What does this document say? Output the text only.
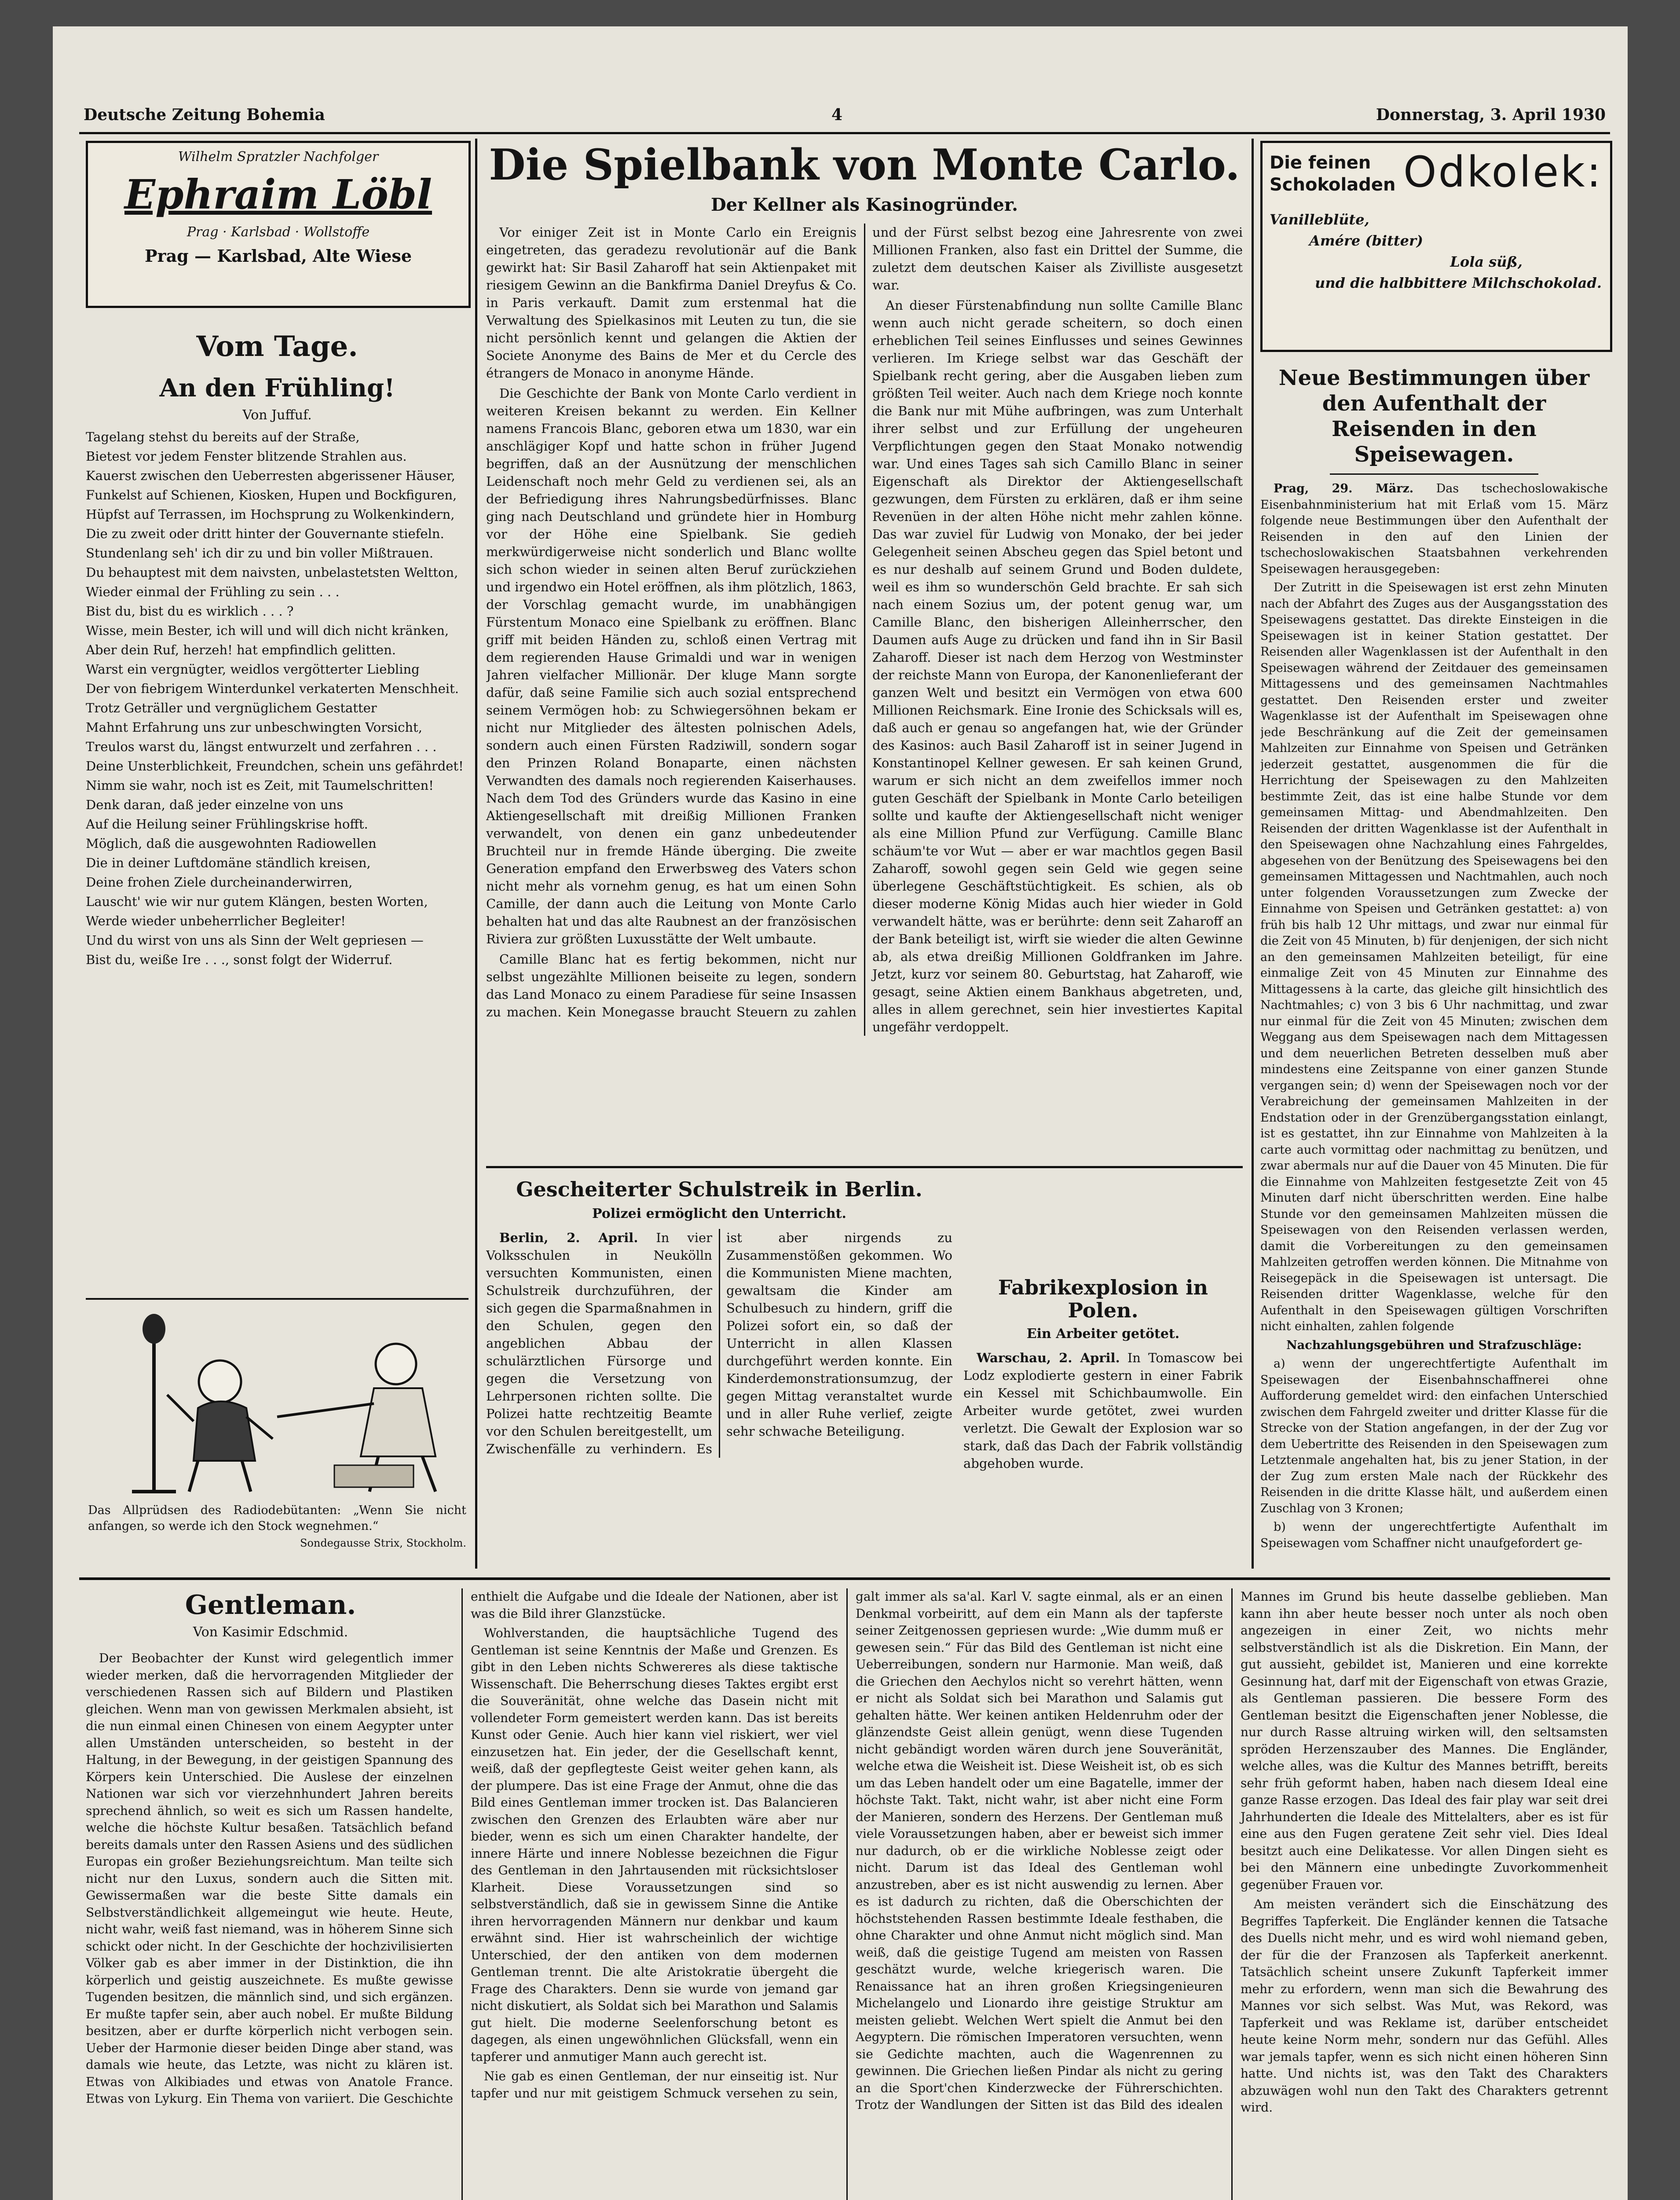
Deutsche Zeitung Bohemia	4	Donnerstag, 3. April 1930
Wilhelm Spratzler Nachfolger
Ephraim Löbl
Prag · Karlsbad · Wollstoffe
Prag — Karlsbad, Alte Wiese
Vom Tage.
An den Frühling!
Von Juffuf.

Tagelang stehst du bereits auf der Straße,

Bietest vor jedem Fenster blitzende Strahlen aus.

Kauerst zwischen den Ueberresten abgerissener Häuser,

Funkelst auf Schienen, Kiosken, Hupen und Bockfiguren,

Hüpfst auf Terrassen, im Hochsprung zu Wolkenkindern,

Die zu zweit oder dritt hinter der Gouvernante stiefeln.

Stundenlang seh' ich dir zu und bin voller Mißtrauen.

Du behauptest mit dem naivsten, unbelastetsten Weltton,

Wieder einmal der Frühling zu sein . . .

Bist du, bist du es wirklich . . . ?

Wisse, mein Bester, ich will und will dich nicht kränken,

Aber dein Ruf, herzeh! hat empfindlich gelitten.

Warst ein vergnügter, weidlos vergötterter Liebling

Der von fiebrigem Winterdunkel verkaterten Menschheit.

Trotz Geträller und vergnüglichem Gestatter

Mahnt Erfahrung uns zur unbeschwingten Vorsicht,

Treulos warst du, längst entwurzelt und zerfahren . . .

Deine Unsterblichkeit, Freundchen, schein uns gefährdet!

Nimm sie wahr, noch ist es Zeit, mit Taumelschritten!

Denk daran, daß jeder einzelne von uns

Auf die Heilung seiner Frühlingskrise hofft.

Möglich, daß die ausgewohnten Radiowellen

Die in deiner Luftdomäne ständlich kreisen,

Deine frohen Ziele durcheinanderwirren,

Lauscht' wie wir nur gutem Klängen, besten Worten,

Werde wieder unbeherrlicher Begleiter!

Und du wirst von uns als Sinn der Welt gepriesen —

Bist du, weiße Ire . . ., sonst folgt der Widerruf.

Das Allprüdsen des Radiodebütanten: „Wenn Sie nicht anfangen, so werde ich den Stock wegnehmen.“
Sondegausse Strix, Stockholm.
Die Spielbank von Monte Carlo.
Der Kellner als Kasinogründer.

Vor einiger Zeit ist in Monte Carlo ein Ereignis eingetreten, das geradezu revolutionär auf die Bank gewirkt hat: Sir Basil Zaharoff hat sein Aktienpaket mit riesigem Gewinn an die Bankfirma Daniel Dreyfus & Co. in Paris verkauft. Damit zum erstenmal hat die Verwaltung des Spielkasinos mit Leuten zu tun, die sie nicht persönlich kennt und gelangen die Aktien der Societe Anonyme des Bains de Mer et du Cercle des étrangers de Monaco in anonyme Hände.

Die Geschichte der Bank von Monte Carlo verdient in weiteren Kreisen bekannt zu werden. Ein Kellner namens Francois Blanc, geboren etwa um 1830, war ein anschlägiger Kopf und hatte schon in früher Jugend begriffen, daß an der Ausnützung der menschlichen Leidenschaft noch mehr Geld zu verdienen sei, als an der Befriedigung ihres Nahrungsbedürfnisses. Blanc ging nach Deutschland und gründete hier in Homburg vor der Höhe eine Spielbank. Sie gedieh merkwürdigerweise nicht sonderlich und Blanc wollte sich schon wieder in seinen alten Beruf zurückziehen und irgendwo ein Hotel eröffnen, als ihm plötzlich, 1863, der Vorschlag gemacht wurde, im unabhängigen Fürstentum Monaco eine Spielbank zu eröffnen. Blanc griff mit beiden Händen zu, schloß einen Vertrag mit dem regierenden Hause Grimaldi und war in wenigen Jahren vielfacher Millionär. Der kluge Mann sorgte dafür, daß seine Familie sich auch sozial entsprechend seinem Vermögen hob: zu Schwiegersöhnen bekam er nicht nur Mitglieder des ältesten polnischen Adels, sondern auch einen Fürsten Radziwill, sondern sogar den Prinzen Roland Bonaparte, einen nächsten Verwandten des damals noch regierenden Kaiserhauses. Nach dem Tod des Gründers wurde das Kasino in eine Aktiengesellschaft mit dreißig Millionen Franken verwandelt, von denen ein ganz unbedeutender Bruchteil nur in fremde Hände überging. Die zweite Generation empfand den Erwerbsweg des Vaters schon nicht mehr als vornehm genug, es hat um einen Sohn Camille, der dann auch die Leitung von Monte Carlo behalten hat und das alte Raubnest an der französischen Riviera zur größten Luxusstätte der Welt umbaute.

Camille Blanc hat es fertig bekommen, nicht nur selbst ungezählte Millionen beiseite zu legen, sondern das Land Monaco zu einem Paradiese für seine Insassen zu machen. Kein Monegasse braucht Steuern zu zahlen und der Fürst selbst bezog eine Jahresrente von zwei Millionen Franken, also fast ein Drittel der Summe, die zuletzt dem deutschen Kaiser als Zivilliste ausgesetzt war.

An dieser Fürstenabfindung nun sollte Camille Blanc wenn auch nicht gerade scheitern, so doch einen erheblichen Teil seines Einflusses und seines Gewinnes verlieren. Im Kriege selbst war das Geschäft der Spielbank recht gering, aber die Ausgaben lieben zum größten Teil weiter. Auch nach dem Kriege noch konnte die Bank nur mit Mühe aufbringen, was zum Unterhalt ihrer selbst und zur Erfüllung der ungeheuren Verpflichtungen gegen den Staat Monako notwendig war. Und eines Tages sah sich Camillo Blanc in seiner Eigenschaft als Direktor der Aktiengesellschaft gezwungen, dem Fürsten zu erklären, daß er ihm seine Revenüen in der alten Höhe nicht mehr zahlen könne. Das war zuviel für Ludwig von Monako, der bei jeder Gelegenheit seinen Abscheu gegen das Spiel betont und es nur deshalb auf seinem Grund und Boden duldete, weil es ihm so wunderschön Geld brachte. Er sah sich nach einem Sozius um, der potent genug war, um Camille Blanc, den bisherigen Alleinherrscher, den Daumen aufs Auge zu drücken und fand ihn in Sir Basil Zaharoff. Dieser ist nach dem Herzog von Westminster der reichste Mann von Europa, der Kanonenlieferant der ganzen Welt und besitzt ein Vermögen von etwa 600 Millionen Reichsmark. Eine Ironie des Schicksals will es, daß auch er genau so angefangen hat, wie der Gründer des Kasinos: auch Basil Zaharoff ist in seiner Jugend in Konstantinopel Kellner gewesen. Er sah keinen Grund, warum er sich nicht an dem zweifellos immer noch guten Geschäft der Spielbank in Monte Carlo beteiligen sollte und kaufte der Aktiengesellschaft nicht weniger als eine Million Pfund zur Verfügung. Camille Blanc schäum'te vor Wut — aber er war machtlos gegen Basil Zaharoff, sowohl gegen sein Geld wie gegen seine überlegene Geschäftstüchtigkeit. Es schien, als ob dieser moderne König Midas auch hier wieder in Gold verwandelt hätte, was er berührte: denn seit Zaharoff an der Bank beteiligt ist, wirft sie wieder die alten Gewinne ab, als etwa dreißig Millionen Goldfranken im Jahre. Jetzt, kurz vor seinem 80. Geburtstag, hat Zaharoff, wie gesagt, seine Aktien einem Bankhaus abgetreten, und, alles in allem gerechnet, sein hier investiertes Kapital ungefähr verdoppelt.

Gescheiterter Schulstreik in Berlin.
Polizei ermöglicht den Unterricht.

Berlin, 2. April. In vier Volksschulen in Neukölln versuchten Kommunisten, einen Schulstreik durchzuführen, der sich gegen die Sparmaßnahmen in den Schulen, gegen den angeblichen Abbau der schulärztlichen Fürsorge und gegen die Versetzung von Lehrpersonen richten sollte. Die Polizei hatte rechtzeitig Beamte vor den Schulen bereitgestellt, um Zwischenfälle zu verhindern. Es ist aber nirgends zu Zusammenstößen gekommen. Wo die Kommunisten Miene machten, gewaltsam die Kinder am Schulbesuch zu hindern, griff die Polizei sofort ein, so daß der Unterricht in allen Klassen durchgeführt werden konnte. Ein Kinderdemonstrationsumzug, der gegen Mittag veranstaltet wurde und in aller Ruhe verlief, zeigte sehr schwache Beteiligung.

Fabrikexplosion in Polen.
Ein Arbeiter getötet.

Warschau, 2. April. In Tomascow bei Lodz explodierte gestern in einer Fabrik ein Kessel mit Schichbaumwolle. Ein Arbeiter wurde getötet, zwei wurden verletzt. Die Gewalt der Explosion war so stark, daß das Dach der Fabrik vollständig abgehoben wurde.

Die feinen
Schokoladen Odkolek:
Vanilleblüte,
Amére (bitter)
Lola süß,
und die halbbittere Milchschokolad.
Neue Bestimmungen über den Aufenthalt der Reisenden in den Speisewagen.

Prag, 29. März. Das tschechoslowakische Eisenbahnministerium hat mit Erlaß vom 15. März folgende neue Bestimmungen über den Aufenthalt der Reisenden in den auf den Linien der tschechoslowakischen Staatsbahnen verkehrenden Speisewagen herausgegeben:

Der Zutritt in die Speisewagen ist erst zehn Minuten nach der Abfahrt des Zuges aus der Ausgangsstation des Speisewagens gestattet. Das direkte Einsteigen in die Speisewagen ist in keiner Station gestattet. Der Reisenden aller Wagenklassen ist der Aufenthalt in den Speisewagen während der Zeitdauer des gemeinsamen Mittagessens und des gemeinsamen Nachtmahles gestattet. Den Reisenden erster und zweiter Wagenklasse ist der Aufenthalt im Speisewagen ohne jede Beschränkung auf die Zeit der gemeinsamen Mahlzeiten zur Einnahme von Speisen und Getränken jederzeit gestattet, ausgenommen die für die Herrichtung der Speisewagen zu den Mahlzeiten bestimmte Zeit, das ist eine halbe Stunde vor dem gemeinsamen Mittag- und Abendmahlzeiten. Den Reisenden der dritten Wagenklasse ist der Aufenthalt in den Speisewagen ohne Nachzahlung eines Fahrgeldes, abgesehen von der Benützung des Speisewagens bei den gemeinsamen Mittagessen und Nachtmahlen, auch noch unter folgenden Voraussetzungen zum Zwecke der Einnahme von Speisen und Getränken gestattet: a) von früh bis halb 12 Uhr mittags, und zwar nur einmal für die Zeit von 45 Minuten, b) für denjenigen, der sich nicht an den gemeinsamen Mahlzeiten beteiligt, für eine einmalige Zeit von 45 Minuten zur Einnahme des Mittagessens à la carte, das gleiche gilt hinsichtlich des Nachtmahles; c) von 3 bis 6 Uhr nachmittag, und zwar nur einmal für die Zeit von 45 Minuten; zwischen dem Weggang aus dem Speisewagen nach dem Mittagessen und dem neuerlichen Betreten desselben muß aber mindestens eine Zeitspanne von einer ganzen Stunde vergangen sein; d) wenn der Speisewagen noch vor der Verabreichung der gemeinsamen Mahlzeiten in der Endstation oder in der Grenzübergangsstation einlangt, ist es gestattet, ihn zur Einnahme von Mahlzeiten à la carte auch vormittag oder nachmittag zu benützen, und zwar abermals nur auf die Dauer von 45 Minuten. Die für die Einnahme von Mahlzeiten festgesetzte Zeit von 45 Minuten darf nicht überschritten werden. Eine halbe Stunde vor den gemeinsamen Mahlzeiten müssen die Speisewagen von den Reisenden verlassen werden, damit die Vorbereitungen zu den gemeinsamen Mahlzeiten getroffen werden können. Die Mitnahme von Reisegepäck in die Speisewagen ist untersagt. Die Reisenden dritter Wagenklasse, welche für den Aufenthalt in den Speisewagen gültigen Vorschriften nicht einhalten, zahlen folgende

Nachzahlungsgebühren und Strafzuschläge:

a) wenn der ungerechtfertigte Aufenthalt im Speisewagen der Eisenbahnschaffnerei ohne Aufforderung gemeldet wird: den einfachen Unterschied zwischen dem Fahrgeld zweiter und dritter Klasse für die Strecke von der Station angefangen, in der der Zug vor dem Uebertritte des Reisenden in den Speisewagen zum Letztenmale angehalten hat, bis zu jener Station, in der der Zug zum ersten Male nach der Rückkehr des Reisenden in die dritte Klasse hält, und außerdem einen Zuschlag von 3 Kronen;

b) wenn der ungerechtfertigte Aufenthalt im Speisewagen vom Schaffner nicht unaufgefordert ge-

Gentleman.
Von Kasimir Edschmid.

Der Beobachter der Kunst wird gelegentlich immer wieder merken, daß die hervorragenden Mitglieder der verschiedenen Rassen sich auf Bildern und Plastiken gleichen. Wenn man von gewissen Merkmalen absieht, ist die nun einmal einen Chinesen von einem Aegypter unter allen Umständen unterscheiden, so besteht in der Haltung, in der Bewegung, in der geistigen Spannung des Körpers kein Unterschied. Die Auslese der einzelnen Nationen war sich vor vierzehnhundert Jahren bereits sprechend ähnlich, so weit es sich um Rassen handelte, welche die höchste Kultur besaßen. Tatsächlich befand bereits damals unter den Rassen Asiens und des südlichen Europas ein großer Beziehungsreichtum. Man teilte sich nicht nur den Luxus, sondern auch die Sitten mit. Gewissermaßen war die beste Sitte damals ein Selbstverständlichkeit allgemeingut wie heute. Heute, nicht wahr, weiß fast niemand, was in höherem Sinne sich schickt oder nicht. In der Geschichte der hochzivilisierten Völker gab es aber immer in der Distinktion, die ihn körperlich und geistig auszeichnete. Es mußte gewisse Tugenden besitzen, die männlich sind, und sich ergänzen. Er mußte tapfer sein, aber auch nobel. Er mußte Bildung besitzen, aber er durfte körperlich nicht verbogen sein. Ueber der Harmonie dieser beiden Dinge aber stand, was damals wie heute, das Letzte, was nicht zu klären ist. Etwas von Alkibiades und etwas von Anatole France. Etwas von Lykurg. Ein Thema von variiert. Die Geschichte enthielt die Aufgabe und die Ideale der Nationen, aber ist was die Bild ihrer Glanzstücke.

Wohlverstanden, die hauptsächliche Tugend des Gentleman ist seine Kenntnis der Maße und Grenzen. Es gibt in den Leben nichts Schwereres als diese taktische Wissenschaft. Die Beherrschung dieses Taktes ergibt erst die Souveränität, ohne welche das Dasein nicht mit vollendeter Form gemeistert werden kann. Das ist bereits Kunst oder Genie. Auch hier kann viel riskiert, wer viel einzusetzen hat. Ein jeder, der die Gesellschaft kennt, weiß, daß der gepflegteste Geist weiter gehen kann, als der plumpere. Das ist eine Frage der Anmut, ohne die das Bild eines Gentleman immer trocken ist. Das Balancieren zwischen den Grenzen des Erlaubten wäre aber nur bieder, wenn es sich um einen Charakter handelte, der innere Härte und innere Noblesse bezeichnen die Figur des Gentleman in den Jahrtausenden mit rücksichtsloser Klarheit. Diese Voraussetzungen sind so selbstverständlich, daß sie in gewissem Sinne die Antike ihren hervorragenden Männern nur denkbar und kaum erwähnt sind. Hier ist wahrscheinlich der wichtige Unterschied, der den antiken von dem modernen Gentleman trennt. Die alte Aristokratie übergeht die Frage des Charakters. Denn sie wurde von jemand gar nicht diskutiert, als Soldat sich bei Marathon und Salamis gut hielt. Die moderne Seelenforschung betont es dagegen, als einen ungewöhnlichen Glücksfall, wenn ein tapferer und anmutiger Mann auch gerecht ist.

Nie gab es einen Gentleman, der nur einseitig ist. Nur tapfer und nur mit geistigem Schmuck versehen zu sein, galt immer als sa'al. Karl V. sagte einmal, als er an einen Denkmal vorbeiritt, auf dem ein Mann als der tapferste seiner Zeitgenossen gepriesen wurde: „Wie dumm muß er gewesen sein.“ Für das Bild des Gentleman ist nicht eine Ueberreibungen, sondern nur Harmonie. Man weiß, daß die Griechen den Aechylos nicht so verehrt hätten, wenn er nicht als Soldat sich bei Marathon und Salamis gut gehalten hätte. Wer keinen antiken Heldenruhm oder der glänzendste Geist allein genügt, wenn diese Tugenden nicht gebändigt worden wären durch jene Souveränität, welche etwa die Weisheit ist. Diese Weisheit ist, ob es sich um das Leben handelt oder um eine Bagatelle, immer der höchste Takt. Takt, nicht wahr, ist aber nicht eine Form der Manieren, sondern des Herzens. Der Gentleman muß viele Voraussetzungen haben, aber er beweist sich immer nur dadurch, ob er die wirkliche Noblesse zeigt oder nicht. Darum ist das Ideal des Gentleman wohl anzustreben, aber es ist nicht auswendig zu lernen. Aber es ist dadurch zu richten, daß die Oberschichten der höchststehenden Rassen bestimmte Ideale festhaben, die ohne Charakter und ohne Anmut nicht möglich sind. Man weiß, daß die geistige Tugend am meisten von Rassen geschätzt wurde, welche kriegerisch waren. Die Renaissance hat an ihren großen Kriegsingenieuren Michelangelo und Lionardo ihre geistige Struktur am meisten geliebt. Welchen Wert spielt die Anmut bei den Aegyptern. Die römischen Imperatoren versuchten, wenn sie Gedichte machten, auch die Wagenrennen zu gewinnen. Die Griechen ließen Pindar als nicht zu gering an die Sport'chen Kinderzwecke der Führerschichten. Trotz der Wandlungen der Sitten ist das Bild des idealen Mannes im Grund bis heute dasselbe geblieben. Man kann ihn aber heute besser noch unter als noch oben angezeigen in einer Zeit, wo nichts mehr selbstverständlich ist als die Diskretion. Ein Mann, der gut aussieht, gebildet ist, Manieren und eine korrekte Gesinnung hat, darf mit der Eigenschaft von etwas Grazie, als Gentleman passieren. Die bessere Form des Gentleman besitzt die Eigenschaften jener Noblesse, die nur durch Rasse altruing wirken will, den seltsamsten spröden Herzenszauber des Mannes. Die Engländer, welche alles, was die Kultur des Mannes betrifft, bereits sehr früh geformt haben, haben nach diesem Ideal eine ganze Rasse erzogen. Das Ideal des fair play war seit drei Jahrhunderten die Ideale des Mittelalters, aber es ist für eine aus den Fugen geratene Zeit sehr viel. Dies Ideal besitzt auch eine Delikatesse. Vor allen Dingen sieht es bei den Männern eine unbedingte Zuvorkommenheit gegenüber Frauen vor.

Am meisten verändert sich die Einschätzung des Begriffes Tapferkeit. Die Engländer kennen die Tatsache des Duells nicht mehr, und es wird wohl niemand geben, der für die der Franzosen als Tapferkeit anerkennt. Tatsächlich scheint unsere Zukunft Tapferkeit immer mehr zu erfordern, wenn man sich die Bewahrung des Mannes vor sich selbst. Was Mut, was Rekord, was Tapferkeit und was Reklame ist, darüber entscheidet heute keine Norm mehr, sondern nur das Gefühl. Alles war jemals tapfer, wenn es sich nicht einen höheren Sinn hatte. Und nichts ist, was den Takt des Charakters abzuwägen wohl nun den Takt des Charakters getrennt wird.
